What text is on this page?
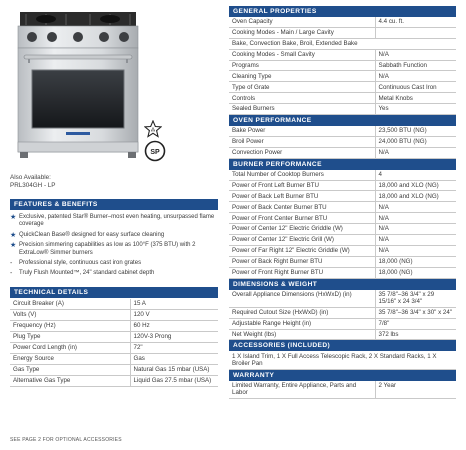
⁂
SP
Also Available:
PRL304GH - LP
FEATURES & BENEFITS
★ Exclusive, patented Star® Burner–most even heating, unsurpassed flame coverage
★ QuickClean Base® designed for easy surface cleaning
★ Precision simmering capabilities as low as 100°F (375 BTU) with 2 ExtraLow® Simmer burners
- Professional style, continuous cast iron grates
- Truly Flush Mounted™, 24" standard cabinet depth
TECHNICAL DETAILS
Circuit Breaker (A)	15 A
Volts (V)	120 V
Frequency (Hz)	60 Hz
Plug Type	120V-3 Prong
Power Cord Length (in)	72"
Energy Source	Gas
Gas Type	Natural Gas 15 mbar (USA)
Alternative Gas Type	Liquid Gas 27.5 mbar (USA)
SEE PAGE 2 FOR OPTIONAL ACCESSORIES
GENERAL PROPERTIES
Oven Capacity	4.4 cu. ft.
Cooking Modes - Main / Large Cavity	
Bake, Convection Bake, Broil, Extended Bake	
Cooking Modes - Small Cavity	N/A
Programs	Sabbath Function
Cleaning Type	N/A
Type of Grate	Continuous Cast Iron
Controls	Metal Knobs
Sealed Burners	Yes
OVEN PERFORMANCE
Bake Power	23,500 BTU (NG)
Broil Power	24,000 BTU (NG)
Convection Power	N/A
BURNER PERFORMANCE
Total Number of Cooktop Burners	4
Power of Front Left Burner BTU	18,000 and XLO (NG)
Power of Back Left Burner BTU	18,000 and XLO (NG)
Power of Back Center Burner BTU	N/A
Power of Front Center Burner BTU	N/A
Power of Center 12" Electric Griddle (W)	N/A
Power of Center 12" Electric Grill (W)	N/A
Power of Far Right 12" Electric Griddle (W)	N/A
Power of Back Right Burner BTU	18,000 (NG)
Power of Front Right Burner BTU	18,000 (NG)
DIMENSIONS & WEIGHT
Overall Appliance Dimensions (HxWxD) (in)	35 7/8"–36 3/4" x 29 15/16" x 24 3/4"
Required Cutout Size (HxWxD) (in)	35 7/8"–36 3/4" x 30" x 24"
Adjustable Range Height (in)	7/8"
Net Weight (lbs)	372 lbs
ACCESSORIES (INCLUDED)
1 X Island Trim, 1 X Full Access Telescopic Rack, 2 X Standard Racks, 1 X Broiler Pan
WARRANTY
Limited Warranty, Entire Appliance, Parts and Labor	2 Year
